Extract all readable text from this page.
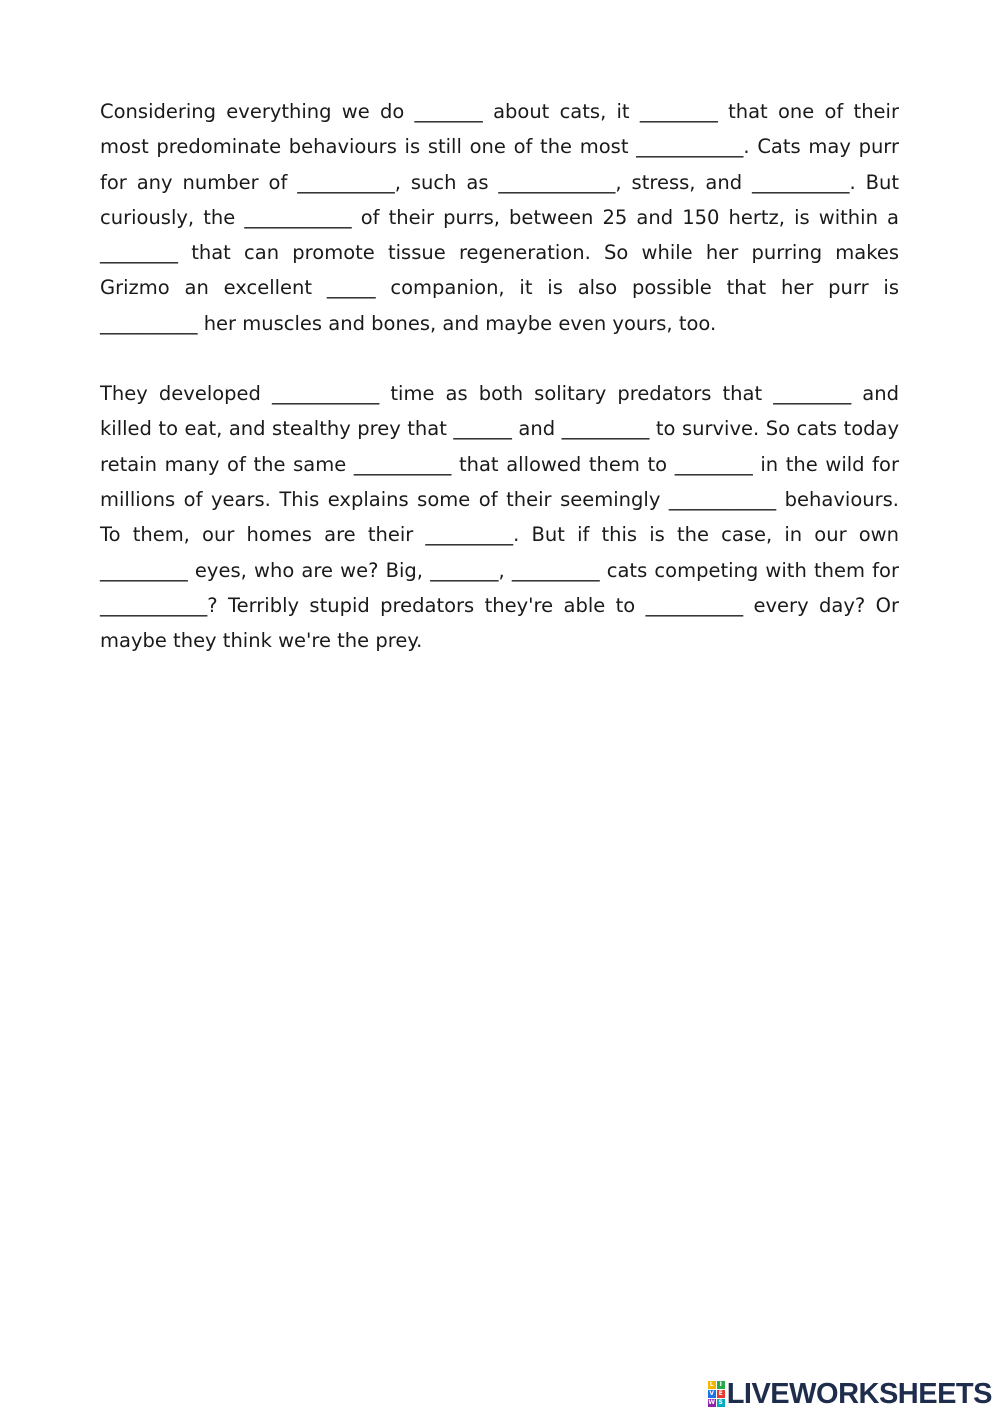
Considering everything we do _______ about cats, it ________ that one of their most predominate behaviours is still one of the most ___________. Cats may purr for any number of __________, such as ____________, stress, and __________. But curiously, the ___________ of their purrs, between 25 and 150 hertz, is within a ________ that can promote tissue regeneration. So while her purring makes Grizmo an excellent _____ companion, it is also possible that her purr is __________ her muscles and bones, and maybe even yours, too.

They developed ___________ time as both solitary predators that ________ and killed to eat, and stealthy prey that ______ and _________ to survive. So cats today retain many of the same __________ that allowed them to ________ in the wild for millions of years. This explains some of their seemingly ___________ behaviours. To them, our homes are their _________. But if this is the case, in our own _________ eyes, who are we? Big, _______, _________ cats competing with them for ___________? Terribly stupid predators they're able to __________ every day? Or maybe they think we're the prey.

L I
V E
W S LIVEWORKSHEETS
